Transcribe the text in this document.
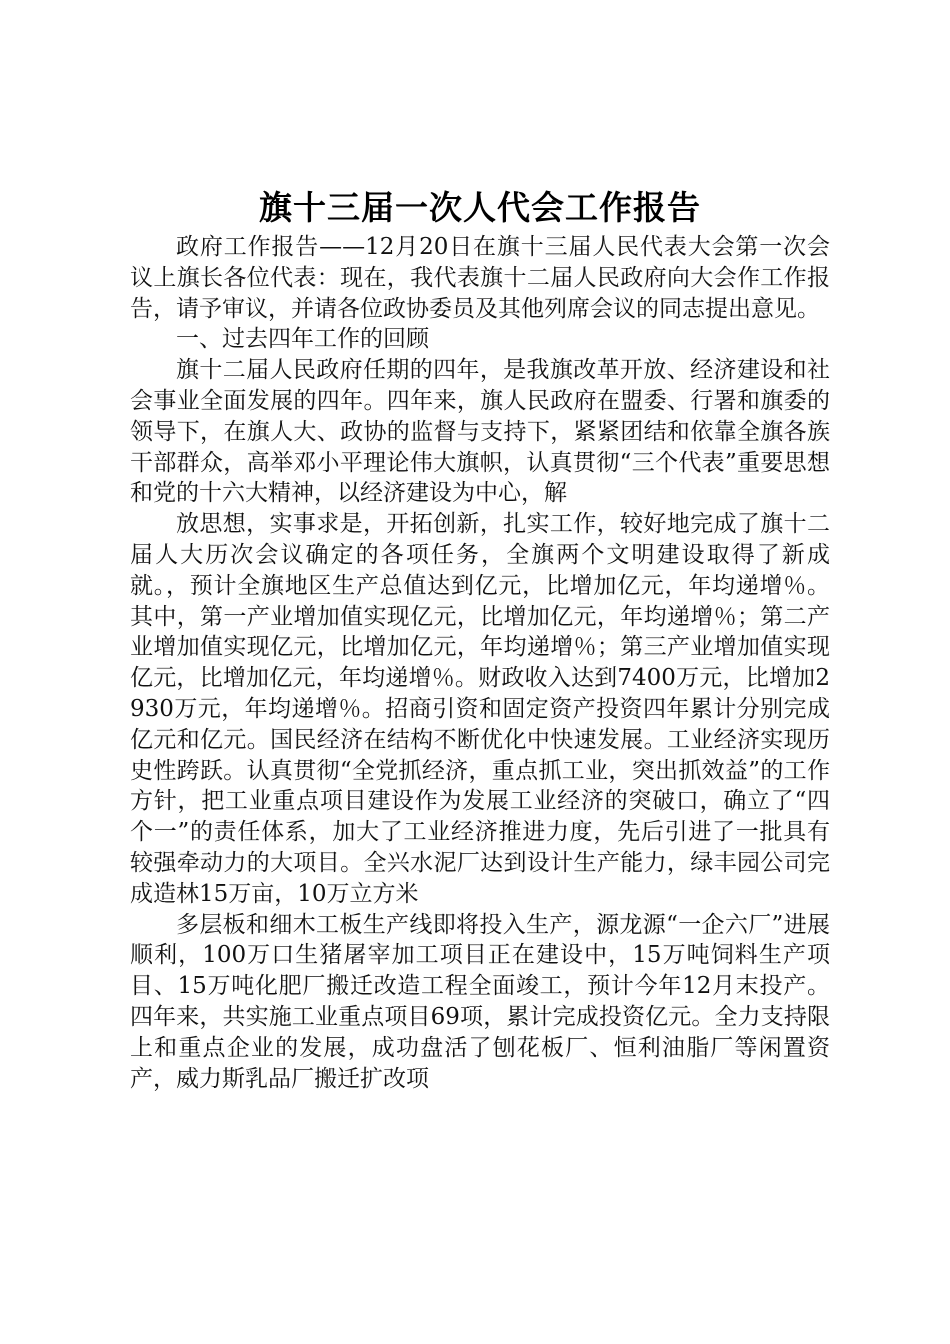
旗十三届一次人代会工作报告

政府工作报告——12月20日在旗十三届人民代表大会第一次会议上旗长各位代表：现在，我代表旗十二届人民政府向大会作工作报告，请予审议，并请各位政协委员及其他列席会议的同志提出意见。

一、过去四年工作的回顾

旗十二届人民政府任期的四年，是我旗改革开放、经济建设和社会事业全面发展的四年。四年来，旗人民政府在盟委、行署和旗委的领导下，在旗人大、政协的监督与支持下，紧紧团结和依靠全旗各族干部群众，高举邓小平理论伟大旗帜，认真贯彻“三个代表”重要思想和党的十六大精神，以经济建设为中心，解

放思想，实事求是，开拓创新，扎实工作，较好地完成了旗十二届人大历次会议确定的各项任务，全旗两个文明建设取得了新成就。，预计全旗地区生产总值达到亿元，比增加亿元，年均递增％。其中，第一产业增加值实现亿元，比增加亿元，年均递增％；第二产业增加值实现亿元，比增加亿元，年均递增％；第三产业增加值实现亿元，比增加亿元，年均递增％。财政收入达到7400万元，比增加2930万元，年均递增％。招商引资和固定资产投资四年累计分别完成亿元和亿元。国民经济在结构不断优化中快速发展。工业经济实现历史性跨跃。认真贯彻“全党抓经济，重点抓工业，突出抓效益”的工作方针，把工业重点项目建设作为发展工业经济的突破口，确立了“四个一”的责任体系，加大了工业经济推进力度，先后引进了一批具有较强牵动力的大项目。全兴水泥厂达到设计生产能力，绿丰园公司完成造林15万亩，10万立方米

多层板和细木工板生产线即将投入生产，源龙源“一企六厂”进展顺利，100万口生猪屠宰加工项目正在建设中，15万吨饲料生产项目、15万吨化肥厂搬迁改造工程全面竣工，预计今年12月末投产。四年来，共实施工业重点项目69项，累计完成投资亿元。全力支持限上和重点企业的发展，成功盘活了刨花板厂、恒利油脂厂等闲置资产，威力斯乳品厂搬迁扩改项
